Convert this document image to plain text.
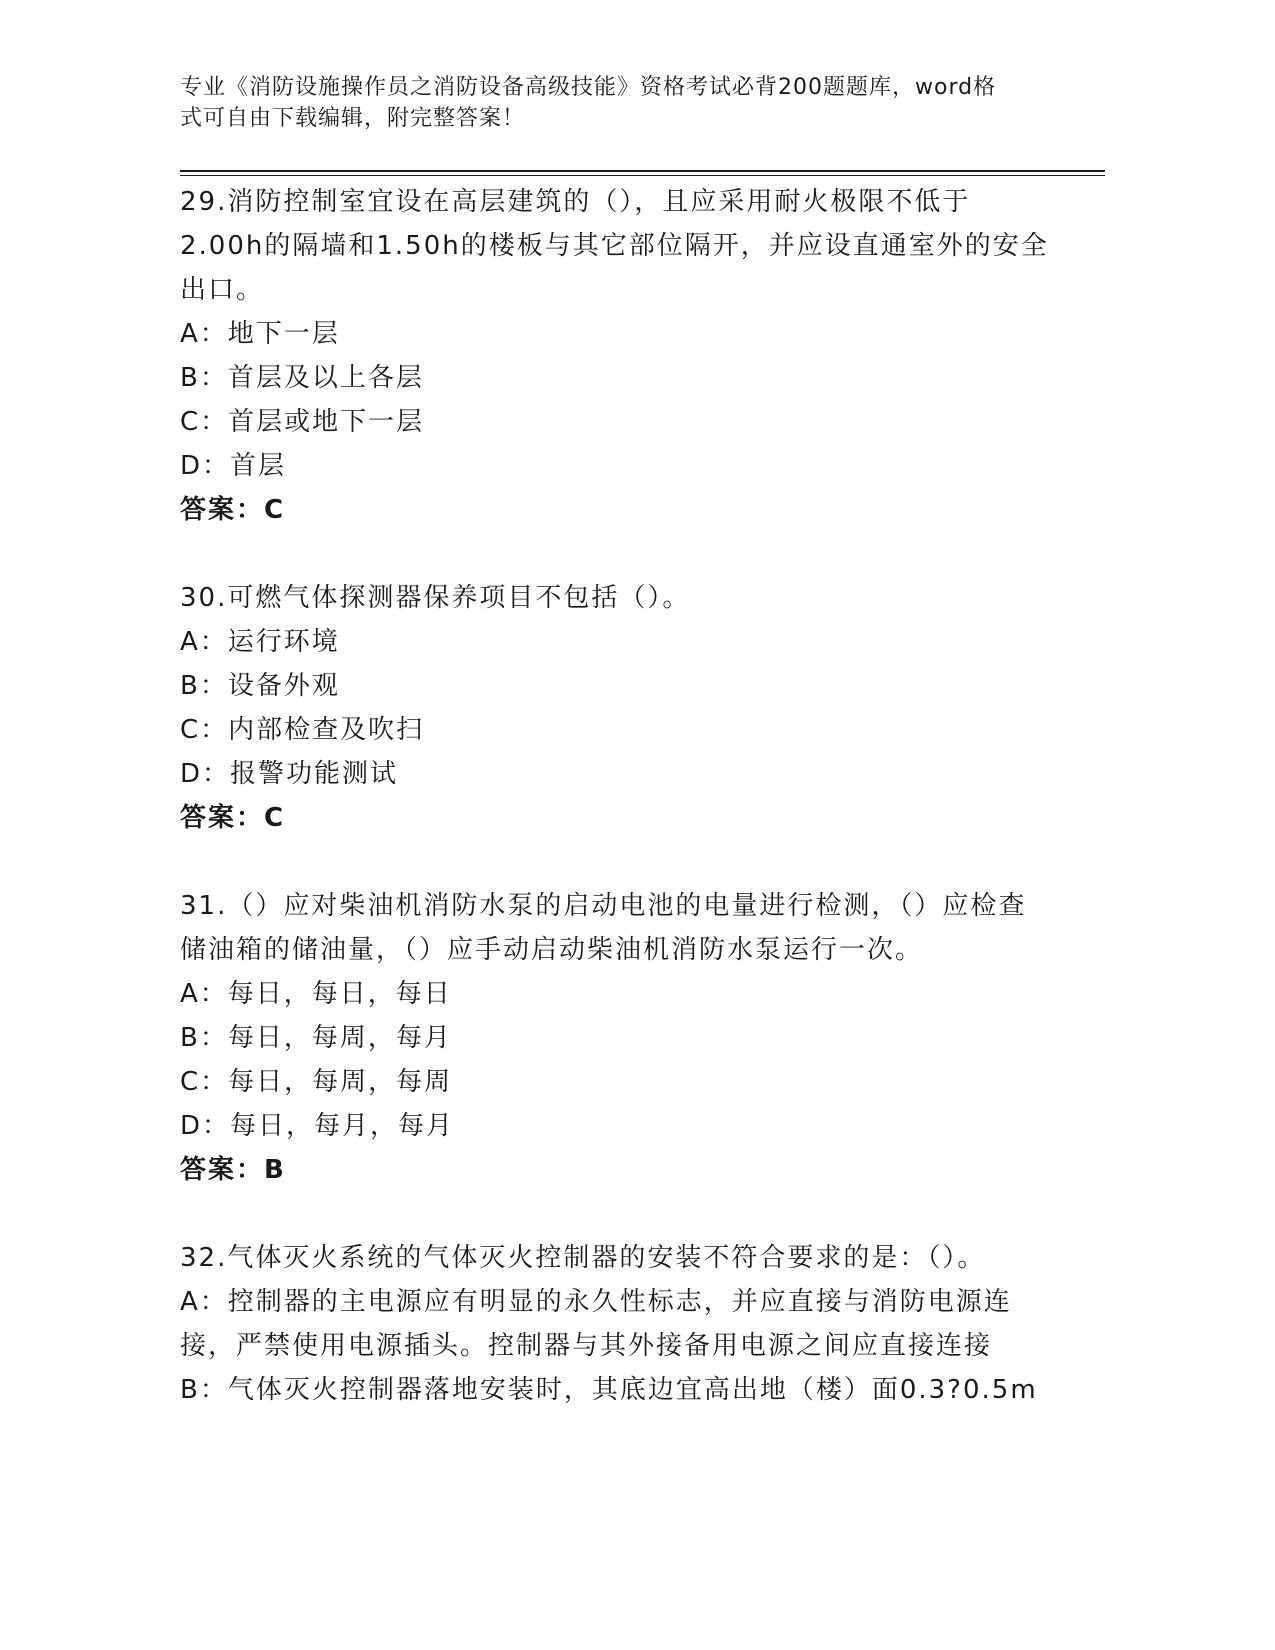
专业《消防设施操作员之消防设备高级技能》资格考试必背200题题库，word格
式可自由下载编辑，附完整答案！

29.消防控制室宜设在高层建筑的（），且应采用耐火极限不低于2.00h的隔墙和1.50h的楼板与其它部位隔开，并应设直通室外的安全出口。

A：地下一层

B：首层及以上各层

C：首层或地下一层

D：首层

答案：C

30.可燃气体探测器保养项目不包括（）。

A：运行环境

B：设备外观

C：内部检查及吹扫

D：报警功能测试

答案：C

31.（）应对柴油机消防水泵的启动电池的电量进行检测，（）应检查储油箱的储油量，（）应手动启动柴油机消防水泵运行一次。

A：每日，每日，每日

B：每日，每周，每月

C：每日，每周，每周

D：每日，每月，每月

答案：B

32.气体灭火系统的气体灭火控制器的安装不符合要求的是：（）。

A：控制器的主电源应有明显的永久性标志，并应直接与消防电源连接，严禁使用电源插头。控制器与其外接备用电源之间应直接连接

B：气体灭火控制器落地安装时，其底边宜高出地（楼）面0.3?0.5m
